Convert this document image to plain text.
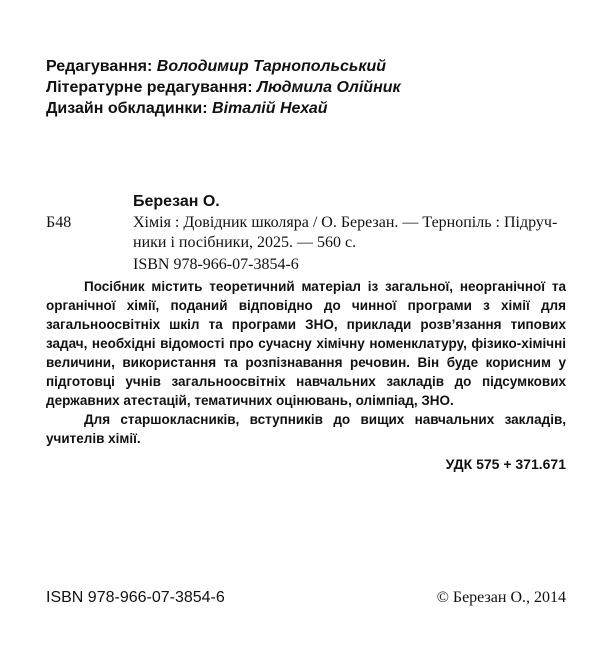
Редагування: Володимир Тарнопольський
Літературне редагування: Людмила Олійник
Дизайн обкладинки: Віталій Нехай
Березан О.
Б48	Хімія : Довідник школяра / О. Березан. — Тернопіль : Підруч-
ники і посібники, 2025. — 560 с.
ISBN 978-966-07-3854-6

Посібник містить теоретичний матеріал із загальної, неорганічної та органічної хімії, поданий відповідно до чинної програми з хімії для загальноосвітніх шкіл та програми ЗНО, приклади розв’язання типових задач, необхідні відомості про сучасну хімічну номенклатуру, фізико-хімічні величини, використання та розпізнавання речовин. Він буде корисним у підготовці учнів загальноосвітніх навчальних закладів до підсумкових державних атестацій, тематичних оцінювань, олімпіад, ЗНО.

Для старшокласників, вступників до вищих навчальних закладів, учителів хімії.

УДК 575 + 371.671
ISBN 978-966-07-3854-6	© Березан О., 2014
